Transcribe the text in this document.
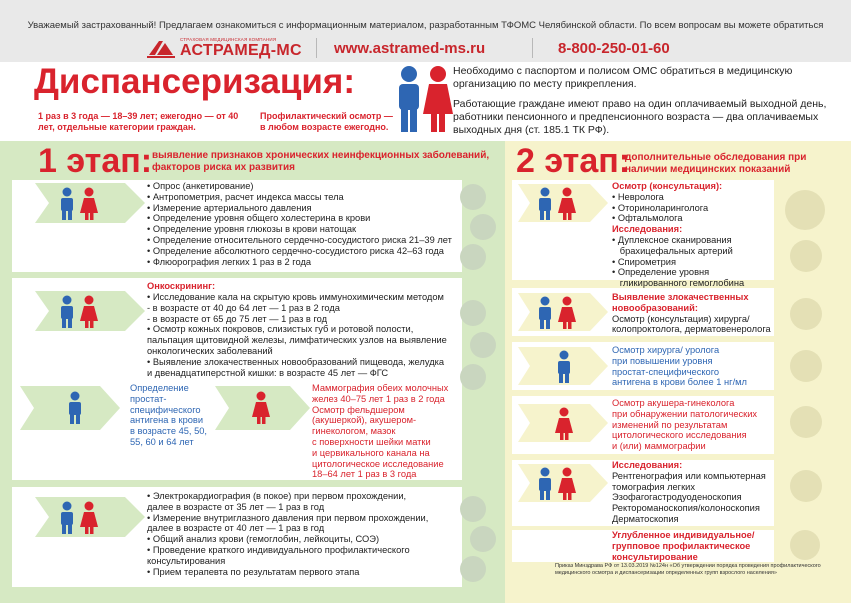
Уважаемый застрахованный! Предлагаем ознакомиться с информационным материалом, разработанным ТФОМС Челябинской области. По всем вопросам вы можете обратиться
СТРАХОВАЯ МЕДИЦИНСКАЯ КОМПАНИЯ
АСТРАМЕД-МС www.astramed-ms.ru	8-800-250-01-60
Диспансеризация:
1 раз в 3 года — 18–39 лет; ежегодно — от 40 лет, отдельные категории граждан.
Профилактический осмотр — в любом возрасте ежегодно.
Необходимо с паспортом и полисом ОМС обратиться в медицинскую организацию по месту прикрепления.
Работающие граждане имеют право на один оплачиваемый выходной день, работники пенсионного и предпенсионного возраста — два оплачиваемых выходных дня (ст. 185.1 ТК РФ).
1 этап: выявление признаков хронических неинфекционных заболеваний, факторов риска их развития
• Опрос (анкетирование)
• Антропометрия, расчет индекса массы тела
• Измерение артериального давления
• Определение уровня общего холестерина в крови
• Определение уровня глюкозы в крови натощак
• Определение относительного сердечно-сосудистого риска 21–39 лет
• Определение абсолютного сердечно-сосудистого риска 42–63 года
• Флюорография легких 1 раз в 2 года
Онкоскрининг:
• Исследование кала на скрытую кровь иммунохимическим методом
- в возрасте от 40 до 64 лет — 1 раз в 2 года
- в возрасте от 65 до 75 лет — 1 раз в год
• Осмотр кожных покровов, слизистых губ и ротовой полости,
пальпация щитовидной железы, лимфатических узлов на выявление
онкологических заболеваний
• Выявление злокачественных новообразований пищевода, желудка
и двенадцатиперстной кишки: в возрасте 45 лет — ФГС
Определение
простат-
специфического
антигена в крови
в возрасте 45, 50,
55, 60 и 64 лет
Маммография обеих молочных
желез 40–75 лет 1 раз в 2 года
Осмотр фельдшером
(акушеркой), акушером-
гинекологом, мазок
с поверхности шейки матки
и цервикального канала на
цитологическое исследование
18–64 лет 1 раз в 3 года
• Электрокардиография (в покое) при первом прохождении,
далее в возрасте от 35 лет — 1 раз в год
• Измерение внутриглазного давления при первом прохождении,
далее в возрасте от 40 лет — 1 раз в год
• Общий анализ крови (гемоглобин, лейкоциты, СОЭ)
• Проведение краткого индивидуального профилактического
консультирования
• Прием терапевта по результатам первого этапа
2 этап:
дополнительные обследования при наличии медицинских показаний
Осмотр (консультация):
• Невролога
• Оториноларинголога
• Офтальмолога
Исследования:
• Дуплексное сканирования
брахицефальных артерий
• Спирометрия
• Определение уровня
гликированного гемоглобина
Выявление злокачественных
новообразований:
Осмотр (консультация) хирурга/
колопроктолога, дерматовенеролога
Осмотр хирурга/ уролога
при повышении уровня
простат-специфического
антигена в крови более 1 нг/мл
Осмотр акушера-гинеколога
при обнаружении патологических
изменений по результатам
цитологического исследования
и (или) маммографии
Исследования:
Рентгенография или компьютерная
томография легких
Эзофагогастродуоденоскопия
Ректороманоскопия/колоноскопия
Дерматоскопия
Углубленное индивидуальное/
групповое профилактическое
консультирование
Приказ Минздрава РФ от 13.03.2019 №124н «Об утверждении порядка проведения профилактического медицинского осмотра и диспансеризации определенных групп взрослого населения»
